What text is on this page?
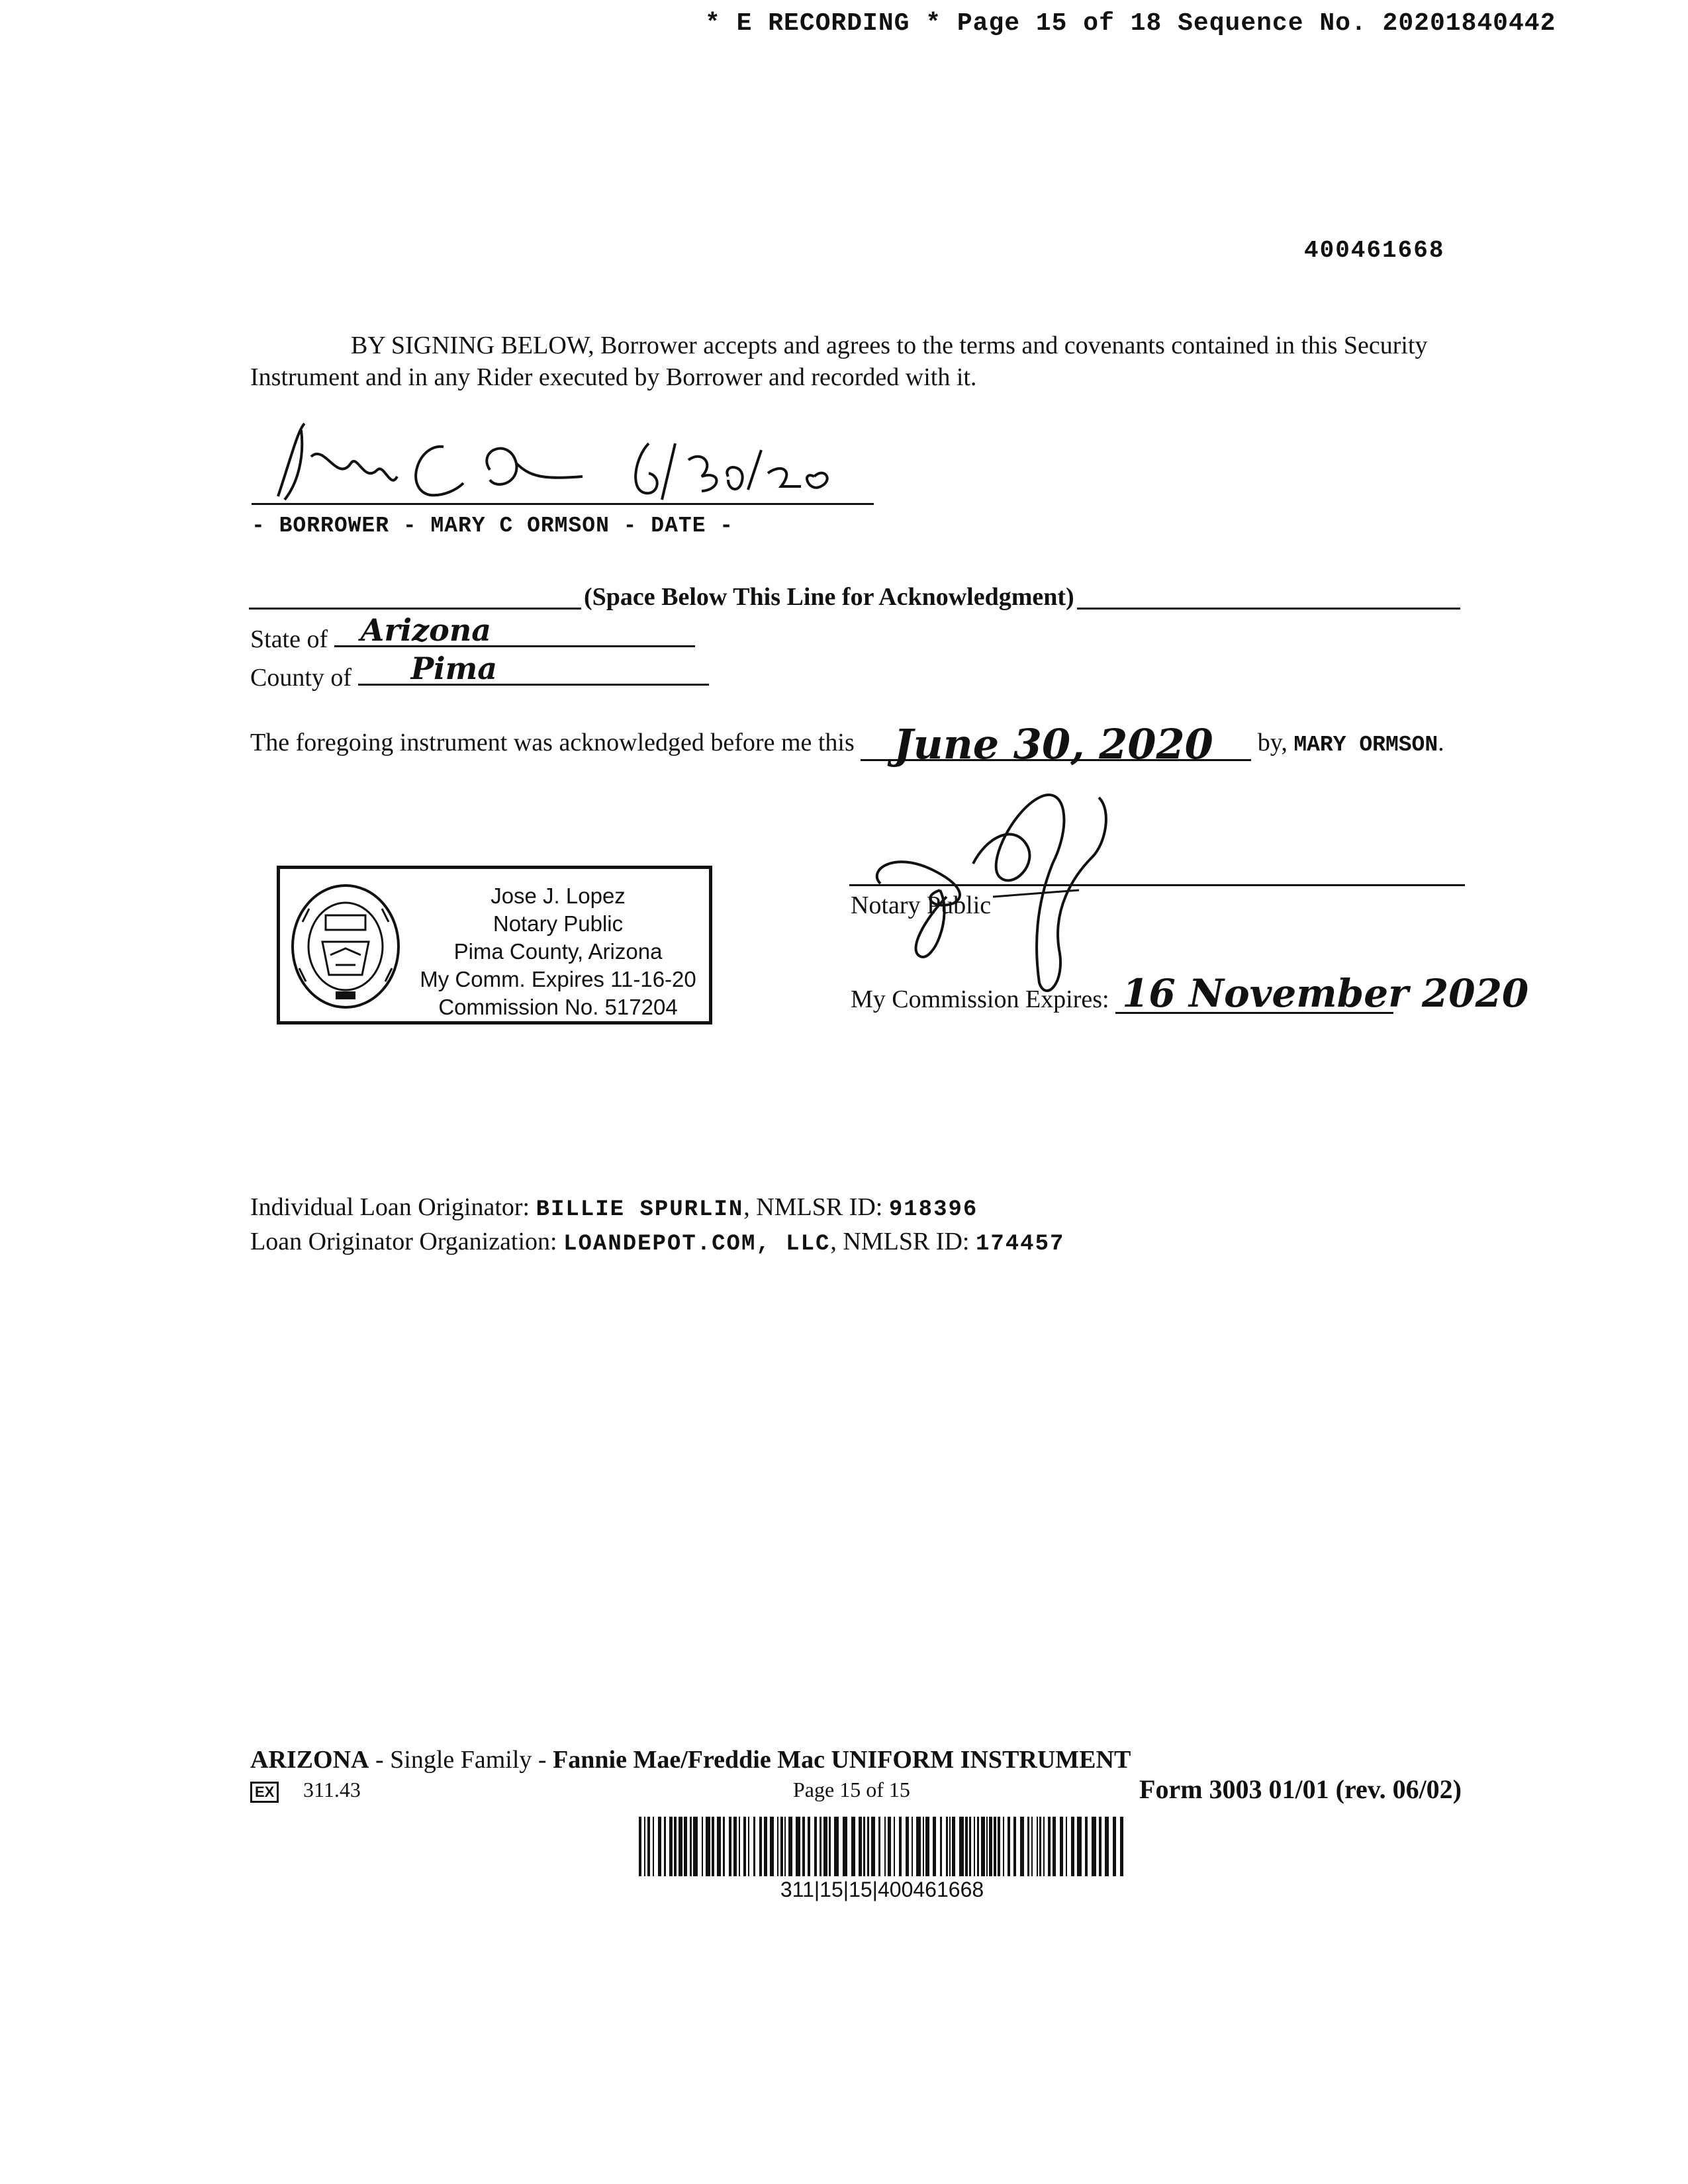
* E RECORDING * Page 15 of 18 Sequence No. 20201840442
400461668
BY SIGNING BELOW, Borrower accepts and agrees to the terms and covenants contained in this Security Instrument and in any Rider executed by Borrower and recorded with it.
- BORROWER - MARY C ORMSON - DATE -
(Space Below This Line for Acknowledgment)
State of Arizona
County of Pima
The foregoing instrument was acknowledged before me this June 30, 2020 by, MARY ORMSON.
Jose J. Lopez
Notary Public
Pima County, Arizona
My Comm. Expires 11-16-20
Commission No. 517204
Notary Public
My Commission Expires: 16 November 2020
Individual Loan Originator: BILLIE SPURLIN, NMLSR ID: 918396
Loan Originator Organization: LOANDEPOT.COM, LLC, NMLSR ID: 174457
ARIZONA - Single Family - Fannie Mae/Freddie Mac UNIFORM INSTRUMENT
EX 311.43	Page 15 of 15	Form 3003 01/01 (rev. 06/02)
311|15|15|400461668
